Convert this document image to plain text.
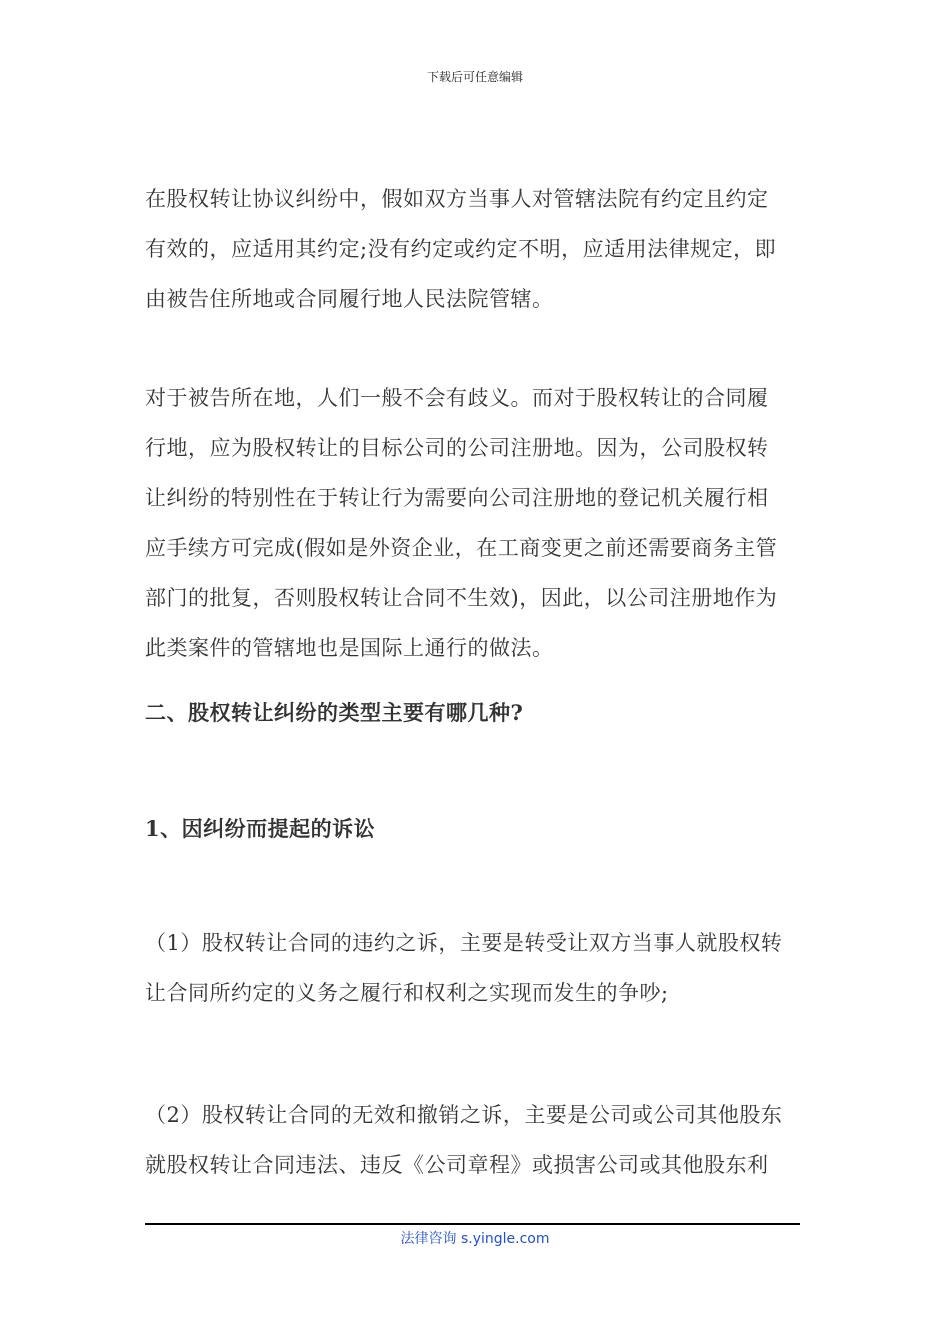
下载后可任意编辑
在股权转让协议纠纷中，假如双方当事人对管辖法院有约定且约定
有效的，应适用其约定;没有约定或约定不明，应适用法律规定，即
由被告住所地或合同履行地人民法院管辖。
对于被告所在地，人们一般不会有歧义。而对于股权转让的合同履
行地，应为股权转让的目标公司的公司注册地。因为，公司股权转
让纠纷的特别性在于转让行为需要向公司注册地的登记机关履行相
应手续方可完成(假如是外资企业，在工商变更之前还需要商务主管
部门的批复，否则股权转让合同不生效)，因此，以公司注册地作为
此类案件的管辖地也是国际上通行的做法。
二、股权转让纠纷的类型主要有哪几种?
1、因纠纷而提起的诉讼
（1）股权转让合同的违约之诉，主要是转受让双方当事人就股权转
让合同所约定的义务之履行和权利之实现而发生的争吵;
（2）股权转让合同的无效和撤销之诉，主要是公司或公司其他股东
就股权转让合同违法、违反《公司章程》或损害公司或其他股东利
法律咨询 s.yingle.com
